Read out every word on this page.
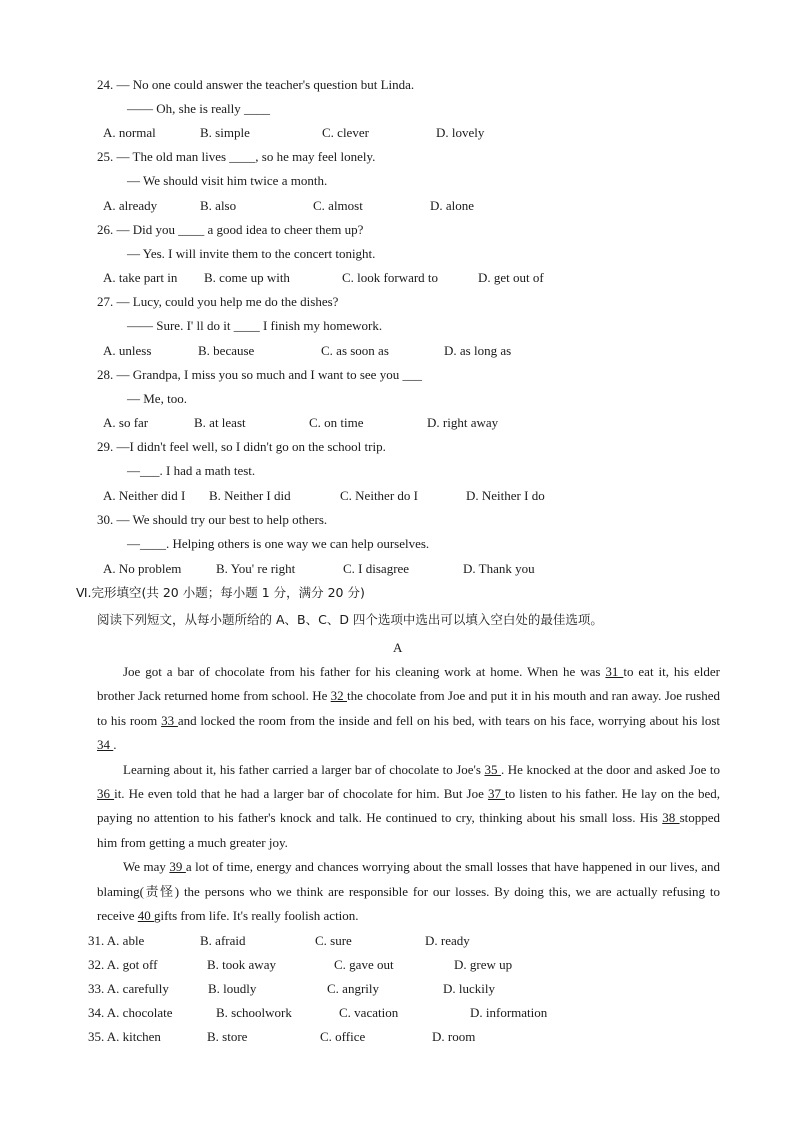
24. — No one could answer the teacher's question but Linda.
—— Oh, she is really ____
A. normal	B. simple	C. clever	D. lovely
25. — The old man lives ____, so he may feel lonely.
— We should visit him twice a month.
A. already	B. also	C. almost	D. alone
26. — Did you ____ a good idea to cheer them up?
— Yes. I will invite them to the concert tonight.
A. take part in B. come up with	C. look forward to	D. get out of
27. — Lucy, could you help me do the dishes?
—— Sure. I' ll do it ____ I finish my homework.
A. unless	B. because	C. as soon as	D. as long as
28. — Grandpa, I miss you so much and I want to see you ___
— Me, too.
A. so far	B. at least	C. on time	D. right away
29. —I didn't feel well, so I didn't go on the school trip.
—___. I had a math test.
A. Neither did I B. Neither I did	C. Neither do I	D. Neither I do
30. — We should try our best to help others.
—____. Helping others is one way we can help ourselves.
A. No problem	B. You' re right	C. I disagree	D. Thank you
Ⅵ.完形填空(共 20 小题；每小题 1 分，满分 20 分)
阅读下列短文，从每小题所给的 A、B、C、D 四个选项中选出可以填入空白处的最佳选项。
A

Joe got a bar of chocolate from his father for his cleaning work at home. When he was 31 to eat it, his elder brother Jack returned home from school. He 32 the chocolate from Joe and put it in his mouth and ran away. Joe rushed to his room 33 and locked the room from the inside and fell on his bed, with tears on his face, worrying about his lost 34 .

Learning about it, his father carried a larger bar of chocolate to Joe's 35 . He knocked at the door and asked Joe to 36 it. He even told that he had a larger bar of chocolate for him. But Joe 37 to listen to his father. He lay on the bed, paying no attention to his father's knock and talk. He continued to cry, thinking about his small loss. His 38 stopped him from getting a much greater joy.

We may 39 a lot of time, energy and chances worrying about the small losses that have happened in our lives, and blaming(责怪) the persons who we think are responsible for our losses. By doing this, we are actually refusing to receive 40 gifts from life. It's really foolish action.

31. A. able	B. afraid	C. sure	D. ready
32. A. got off	B. took away	C. gave out	D. grew up
33. A. carefully	B. loudly	C. angrily	D. luckily
34. A. chocolate	B. schoolwork	C. vacation	D. information
35. A. kitchen	B. store	C. office	D. room
